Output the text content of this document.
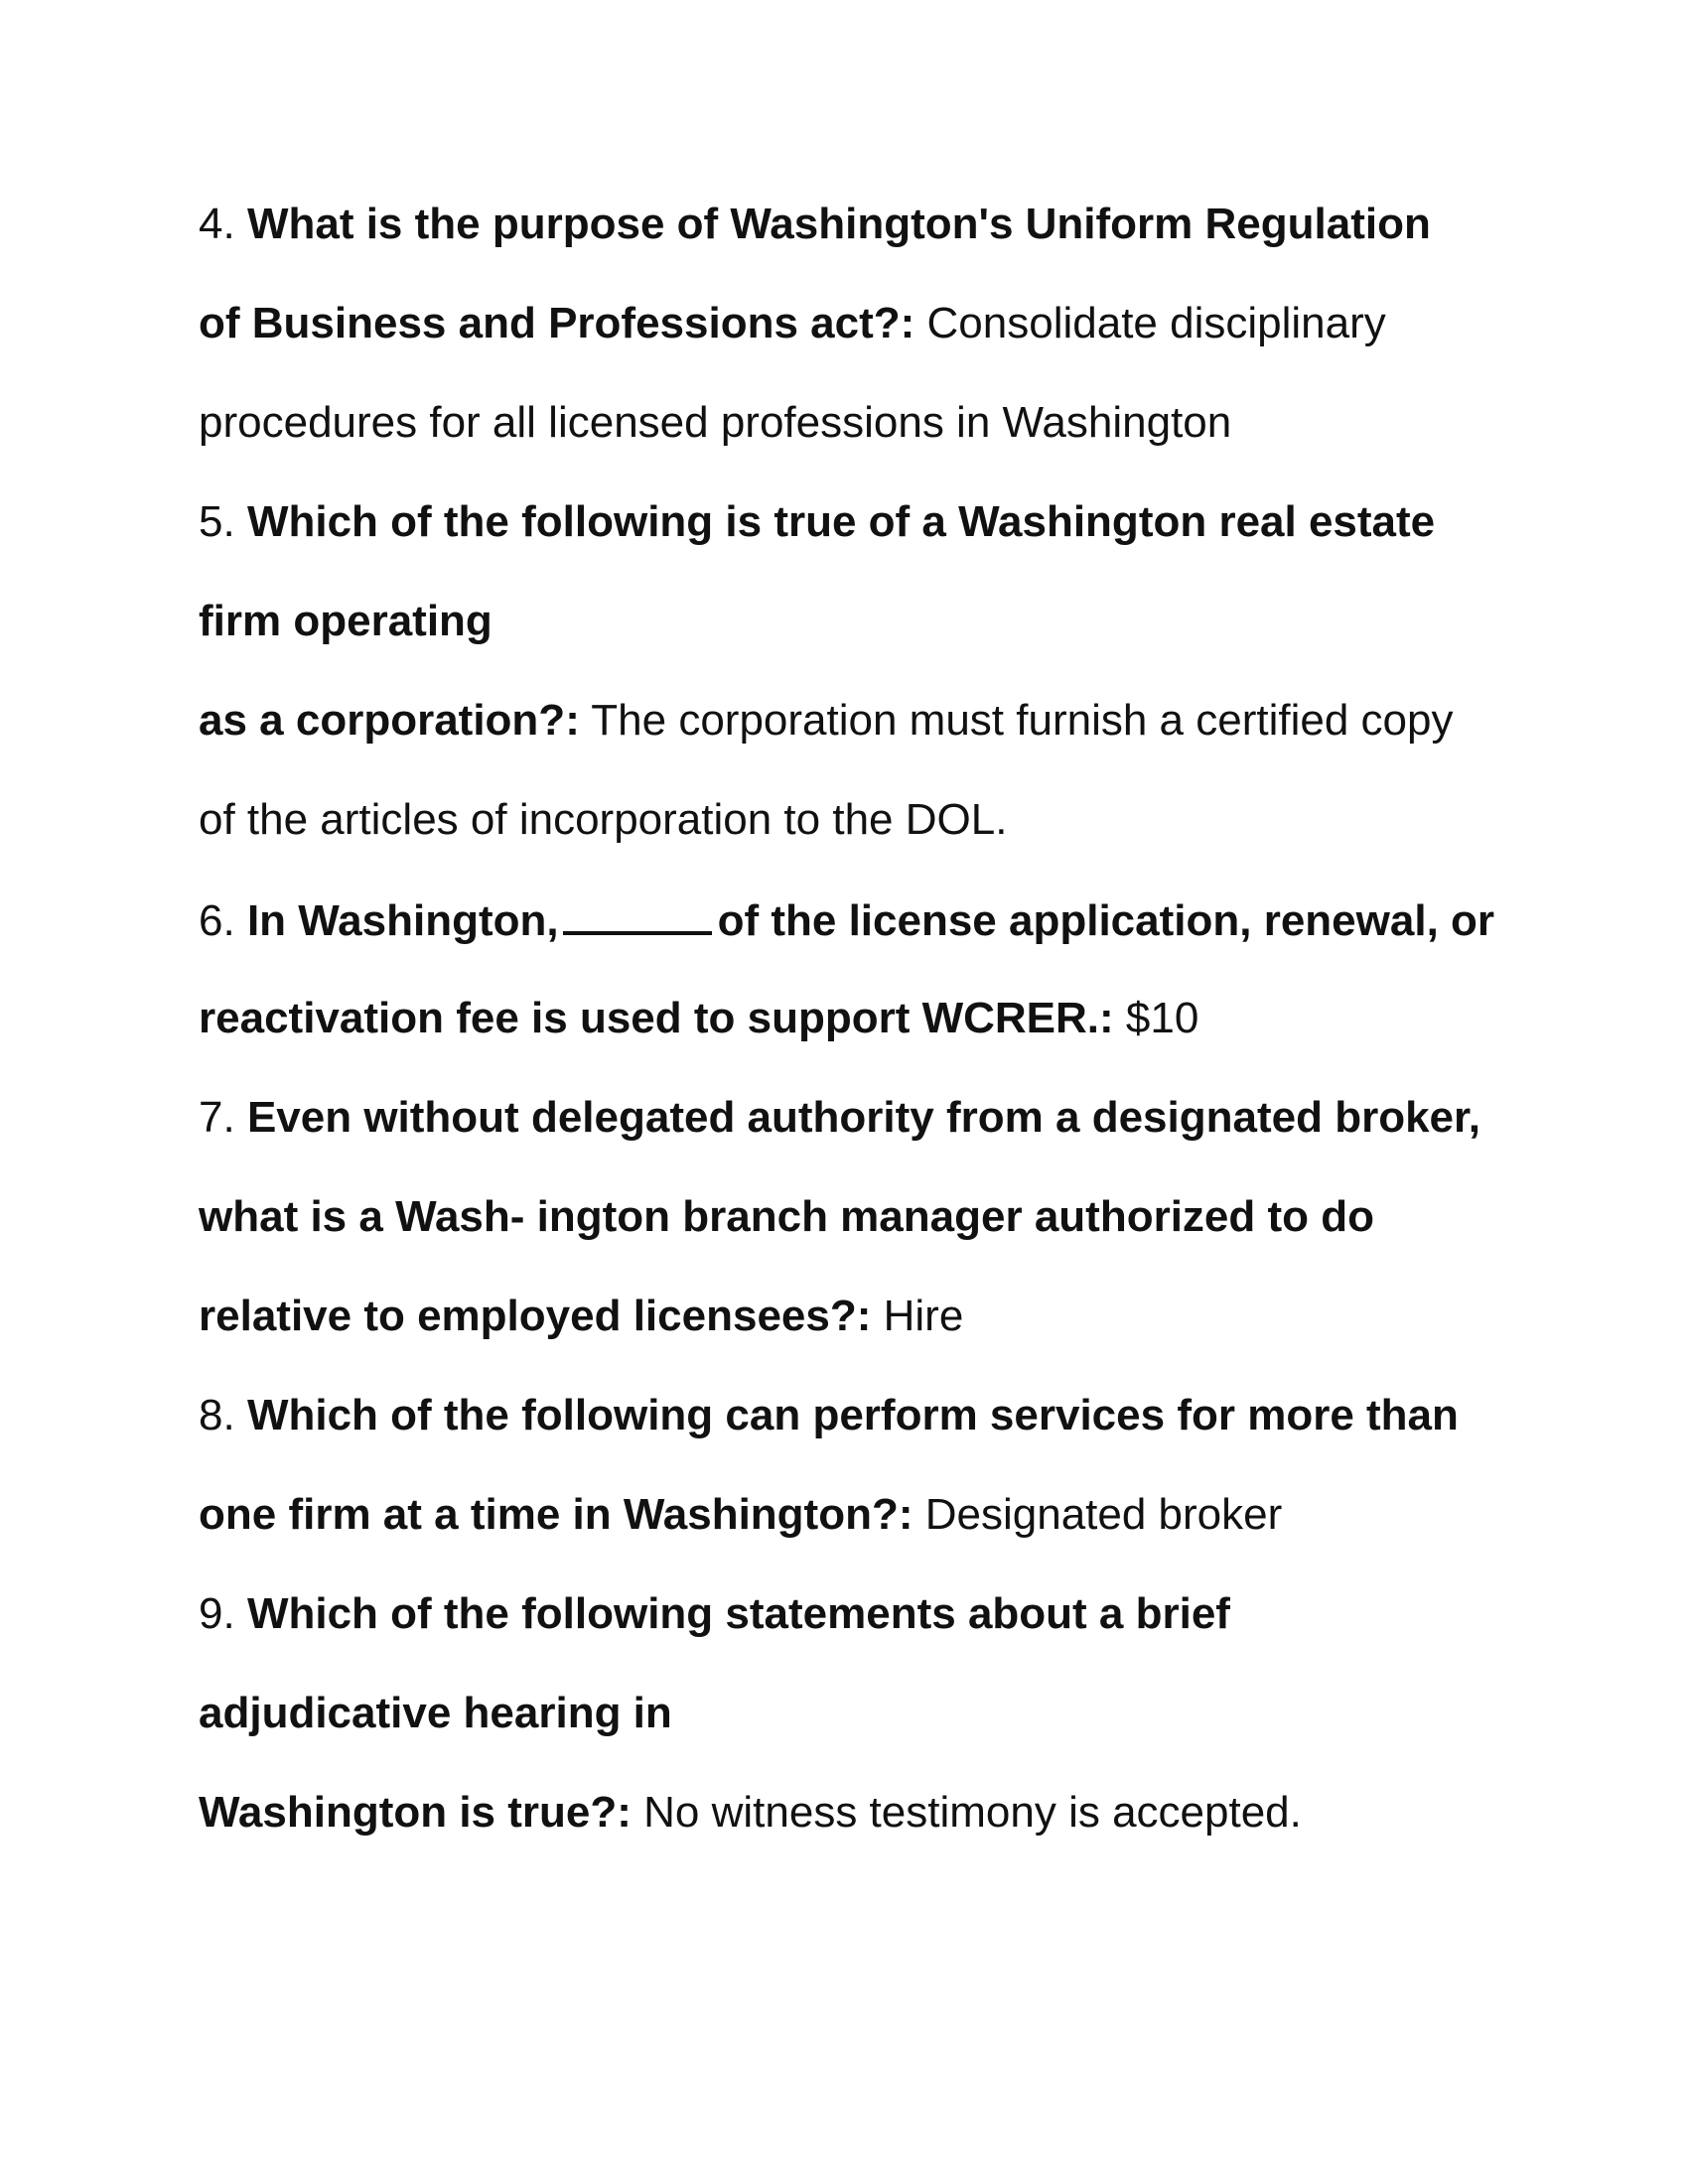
4. What is the purpose of Washington's Uniform Regulation
of Business and Professions act?: Consolidate disciplinary
procedures for all licensed professions in Washington
5. Which of the following is true of a Washington real estate
firm operating
as a corporation?: The corporation must furnish a certified copy
of the articles of incorporation to the DOL.
6. In Washington,	of the license application, renewal, or
reactivation fee is used to support WCRER.: $10
7. Even without delegated authority from a designated broker,
what is a Wash- ington branch manager authorized to do
relative to employed licensees?: Hire
8. Which of the following can perform services for more than
one firm at a time in Washington?: Designated broker
9. Which of the following statements about a brief
adjudicative hearing in
Washington is true?: No witness testimony is accepted.
